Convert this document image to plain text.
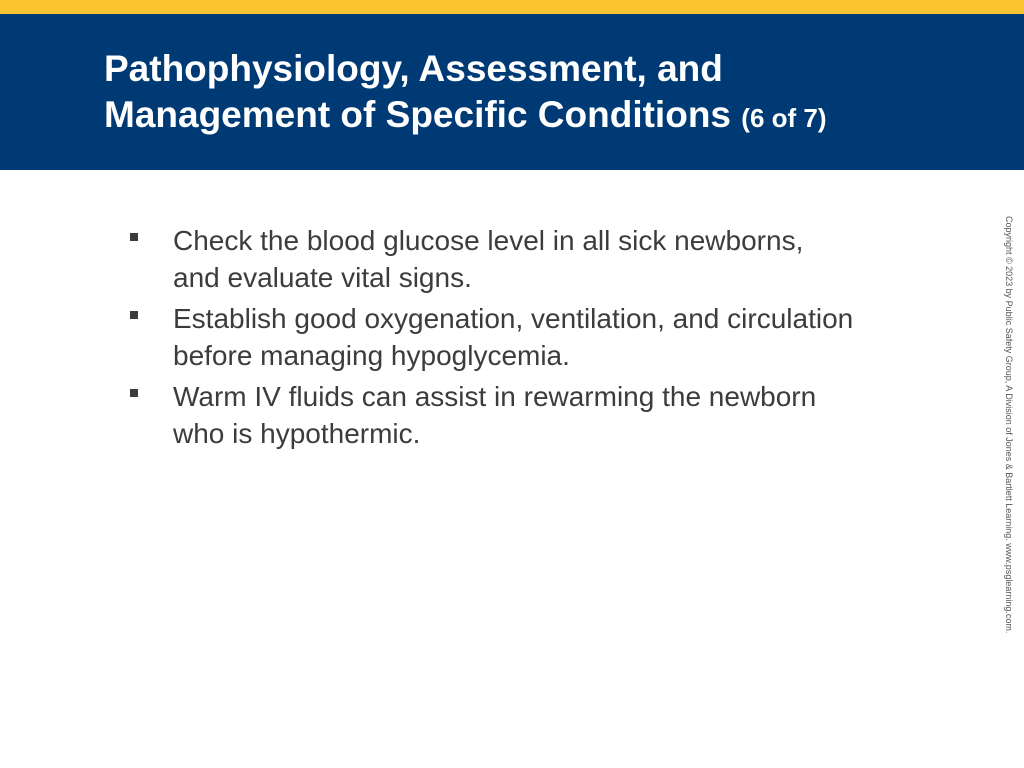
Pathophysiology, Assessment, and
Management of Specific Conditions (6 of 7)
Check the blood glucose level in all sick newborns,
and evaluate vital signs.
Establish good oxygenation, ventilation, and circulation
before managing hypoglycemia.
Warm IV fluids can assist in rewarming the newborn
who is hypothermic.	Copyright © 2023 by Public Safety Group, A Division of Jones & Bartlett Learning. www.psglearning.com.
